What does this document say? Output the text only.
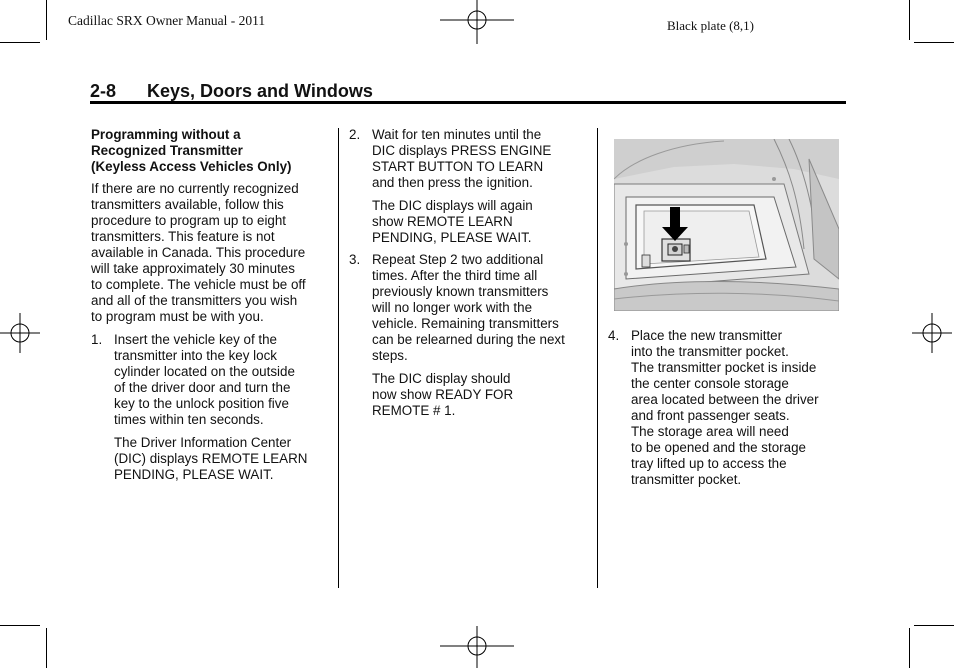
Cadillac SRX Owner Manual - 2011	Black plate (8,1)
2-8 Keys, Doors and Windows

Programming without a

Recognized Transmitter

(Keyless Access Vehicles Only)

If there are no currently recognized

transmitters available, follow this

procedure to program up to eight

transmitters. This feature is not

available in Canada. This procedure

will take approximately 30 minutes

to complete. The vehicle must be off

and all of the transmitters you wish

to program must be with you.

1. Insert the vehicle key of the

transmitter into the key lock

cylinder located on the outside

of the driver door and turn the

key to the unlock position five

times within ten seconds.

The Driver Information Center

(DIC) displays REMOTE LEARN

PENDING, PLEASE WAIT.

2. Wait for ten minutes until the

DIC displays PRESS ENGINE

START BUTTON TO LEARN

and then press the ignition.

The DIC displays will again

show REMOTE LEARN

PENDING, PLEASE WAIT.

3. Repeat Step 2 two additional

times. After the third time all

previously known transmitters

will no longer work with the

vehicle. Remaining transmitters

can be relearned during the next

steps.

The DIC display should

now show READY FOR

REMOTE # 1.

4. Place the new transmitter

into the transmitter pocket.

The transmitter pocket is inside

the center console storage

area located between the driver

and front passenger seats.

The storage area will need

to be opened and the storage

tray lifted up to access the

transmitter pocket.
